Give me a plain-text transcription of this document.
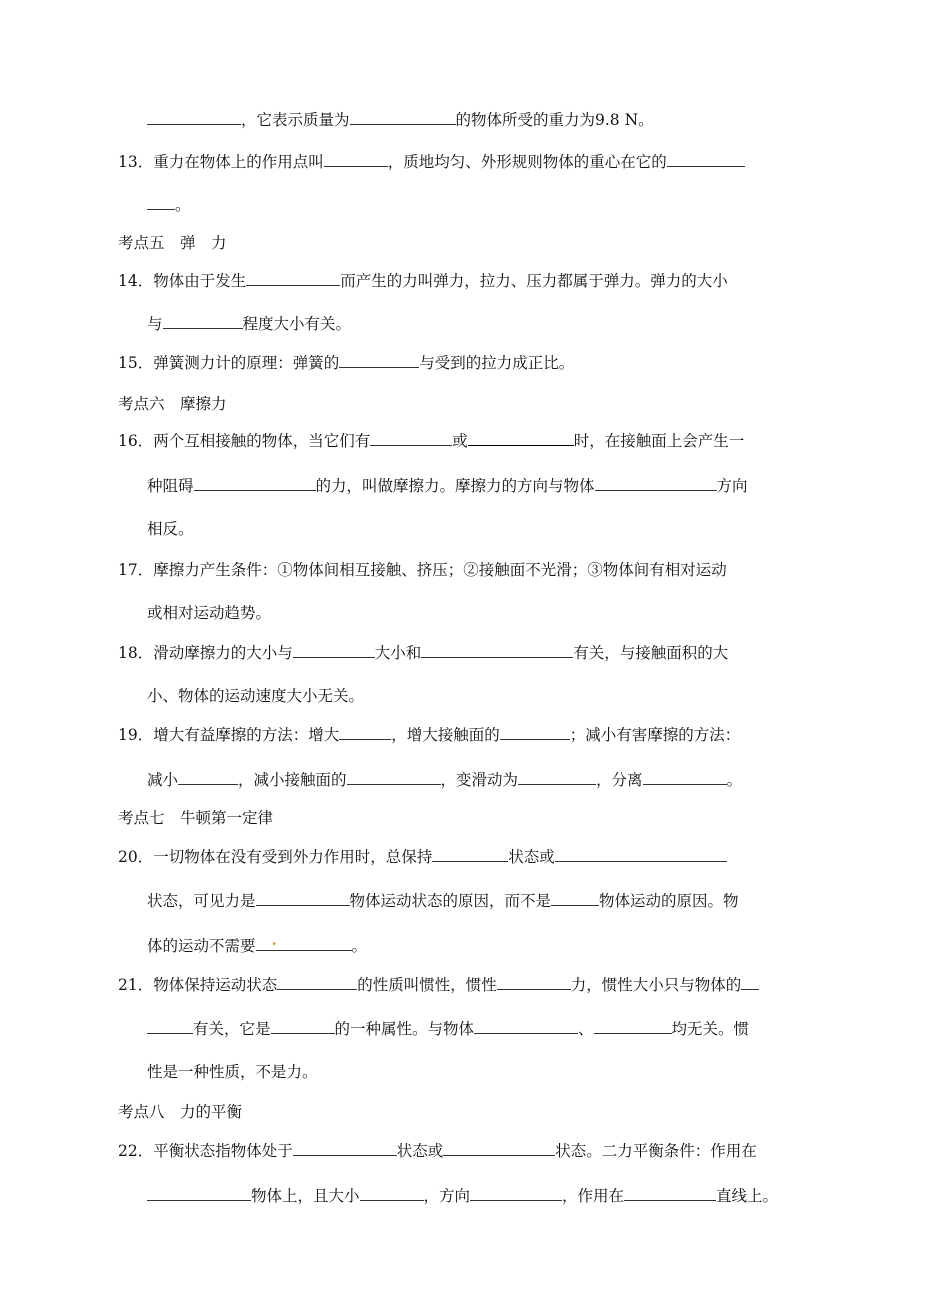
，它表示质量为	的物体所受的重力为9.8 N。
13．重力在物体上的作用点叫	，质地均匀、外形规则物体的重心在它的
。
考点五　弹　力
14．物体由于发生	而产生的力叫弹力，拉力、压力都属于弹力。弹力的大小
与	程度大小有关。
15．弹簧测力计的原理：弹簧的	与受到的拉力成正比。
考点六　摩擦力
16．两个互相接触的物体，当它们有	或	时，在接触面上会产生一
种阻碍	的力，叫做摩擦力。摩擦力的方向与物体	方向
相反。
17．摩擦力产生条件：①物体间相互接触、挤压；②接触面不光滑；③物体间有相对运动
或相对运动趋势。
18．滑动摩擦力的大小与	大小和	有关，与接触面积的大
小、物体的运动速度大小无关。
19．增大有益摩擦的方法：增大	，增大接触面的	；减小有害摩擦的方法：
减小	，减小接触面的	，变滑动为	，分离	。
考点七　牛顿第一定律
20．一切物体在没有受到外力作用时，总保持	状态或
状态，可见力是	物体运动状态的原因，而不是	物体运动的原因。物
体的运动不需要 .	。
21．物体保持运动状态	的性质叫惯性，惯性	力，惯性大小只与物体的
有关，它是	的一种属性。与物体	、	均无关。惯
性是一种性质，不是力。
考点八　力的平衡
22．平衡状态指物体处于	状态或	状态。二力平衡条件：作用在
物体上，且大小	，方向	，作用在	直线上。
